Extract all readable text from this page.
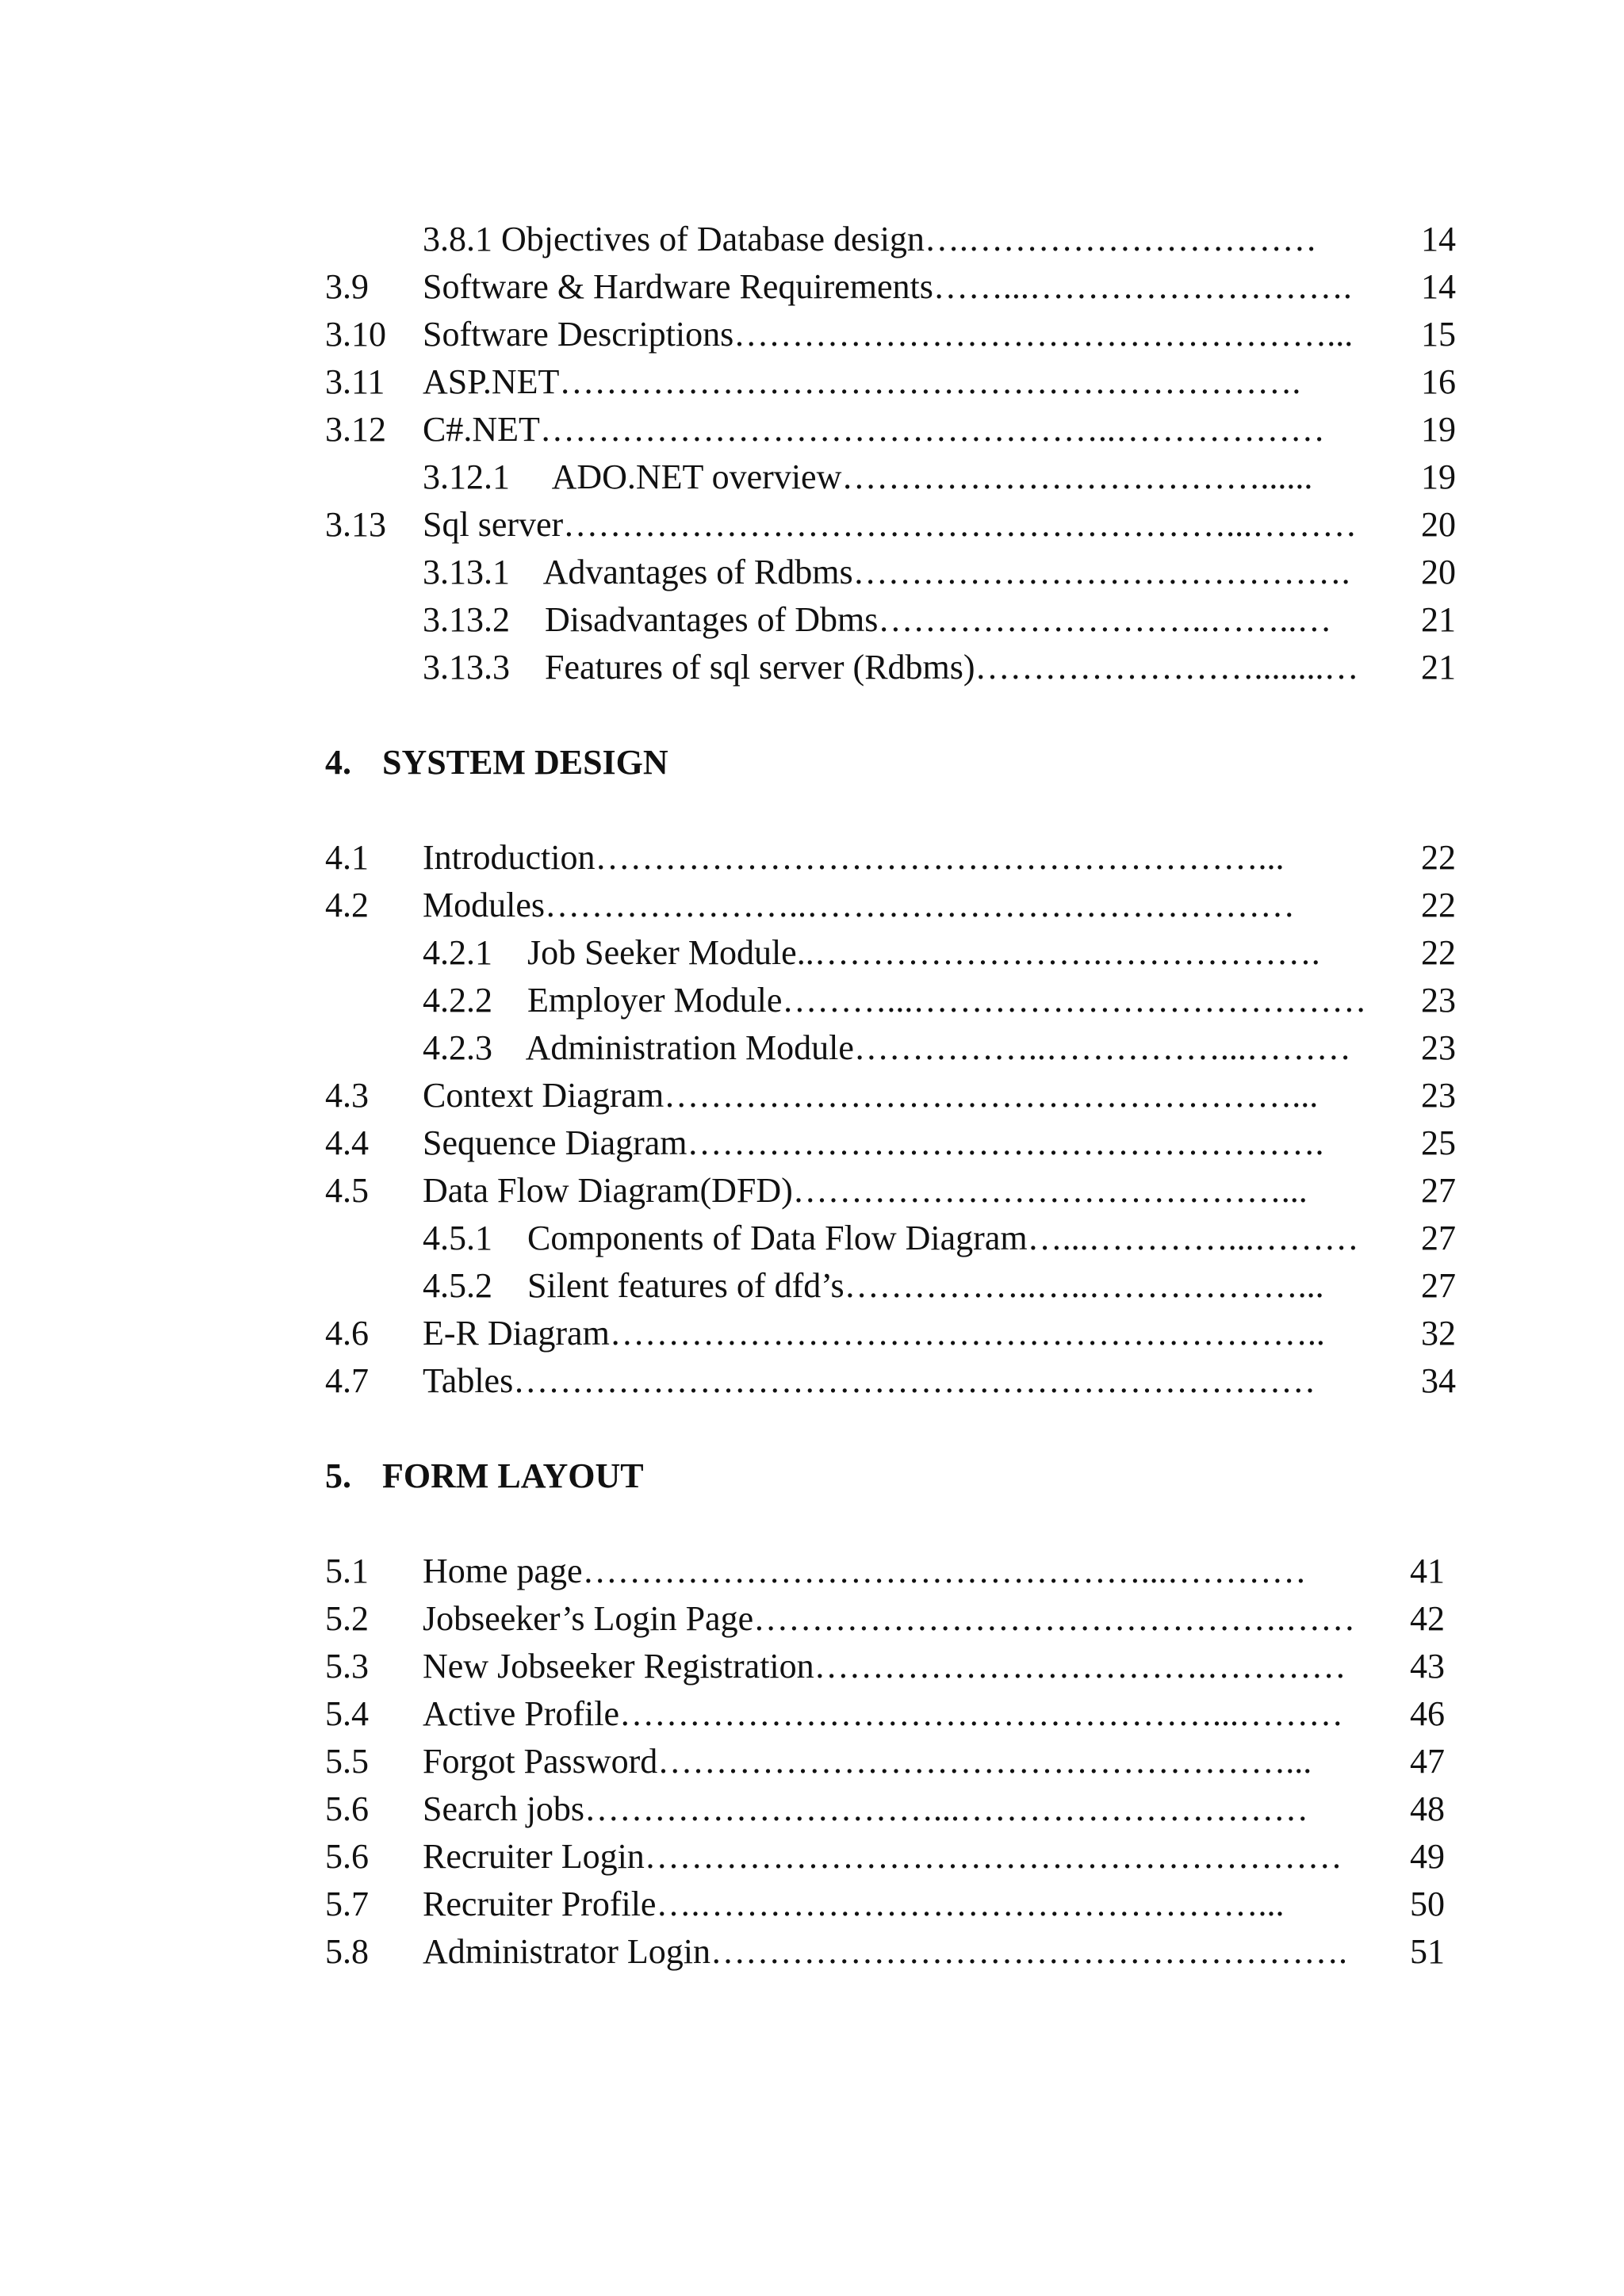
3.8.1 Objectives of Database design….…………………………	14
3.9 Software & Hardware Requirements……...………………………. 14
3.10 Software Descriptions……………………………………………... 15
3.11 ASP.NET……………………………………………………….	16
3.12 C#.NET…………………………………………..………………	19
3.12.1     ADO.NET overview………………………………......	19
3.13 Sql server…………………………………………………...……… 20
3.13.1    Advantages of Rdbms……………………………………. 20
3.13.2    Disadvantages of Dbms………………………..……..…	21
3.13.3    Features of sql server (Rdbms)……………………........… 21
4. SYSTEM DESIGN
4.1 Introduction…………………………………………………...	22
4.2 Modules…………………..……………………………………	22
4.2.1    Job Seeker Module..…………………….……………….	22
4.2.2    Employer Module………...………………………………… 23
4.2.3    Administration Module……………..……………...……… 23
4.3 Context Diagram………………………………………………...	23
4.4 Sequence Diagram……………………………………………….	25
4.5 Data Flow Diagram(DFD)……………………………………...	27
4.5.1    Components of Data Flow Diagram…...…………...……… 27
4.5.2    Silent features of dfd’s……………..…..………………...	27
4.6 E-R Diagram……………………………………………………..	32
4.7 Tables……………………………………………………………	34
5. FORM LAYOUT
5.1 Home page…………………………………………...…………	41
5.2 Jobseeker’s Login Page……………………………………….…… 42
5.3 New Jobseeker Registration…………………………….………… 43
5.4 Active Profile……………………………………………...……… 46
5.5 Forgot Password………………………………………………...	47
5.6 Search jobs…………………………...…………………………	48
5.6 Recruiter Login…………………………………………………… 49
5.7 Recruiter Profile….…………………………………………...	50
5.8 Administrator Login………………………………………………. 51
